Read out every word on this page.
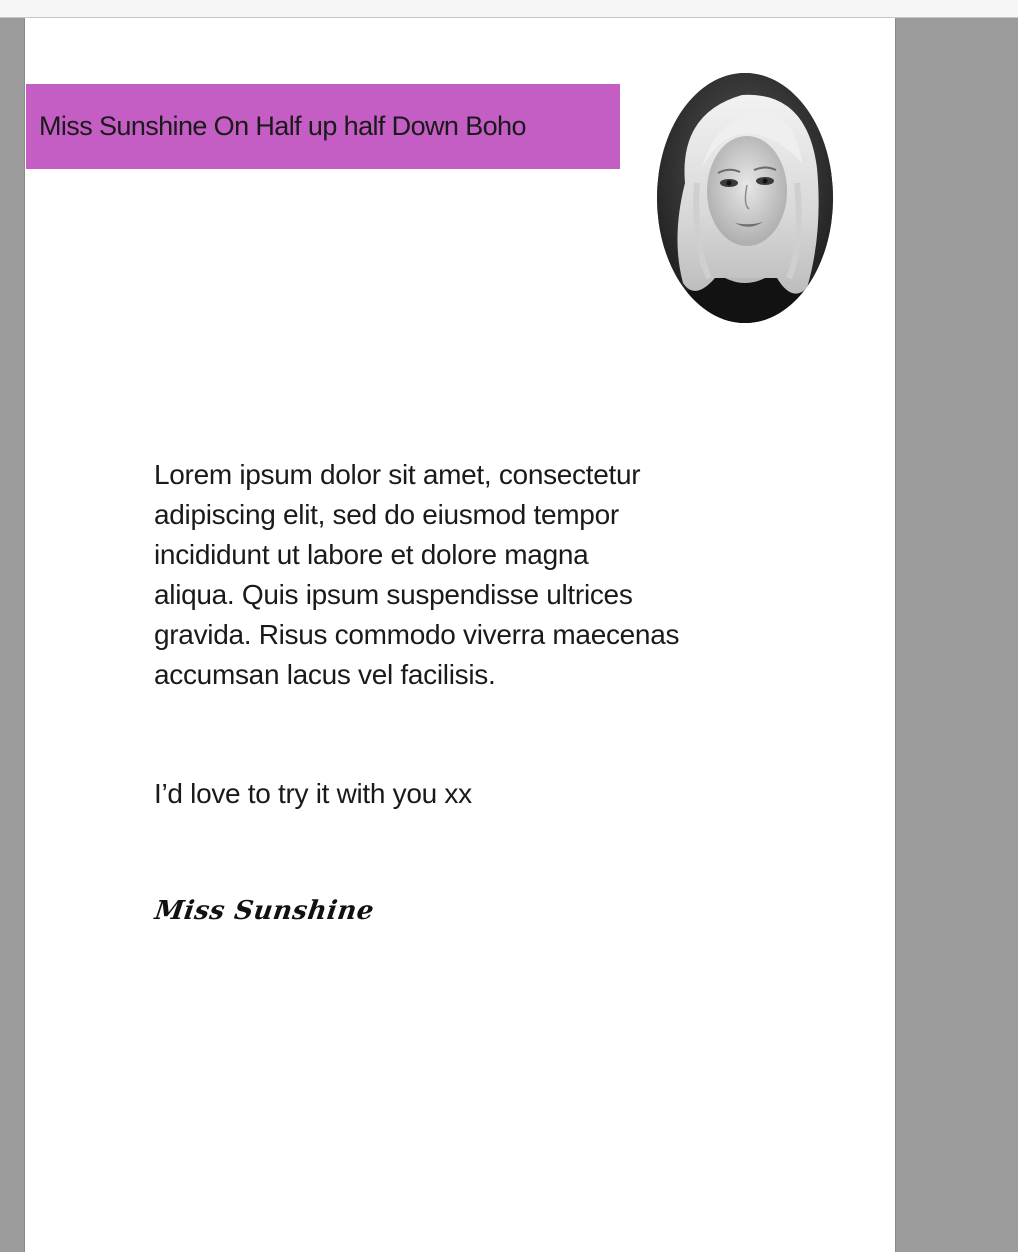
Miss Sunshine On Half up half Down Boho
Lorem ipsum dolor sit amet, consectetur
adipiscing elit, sed do eiusmod tempor
incididunt ut labore et dolore magna
aliqua. Quis ipsum suspendisse ultrices
gravida. Risus commodo viverra maecenas
accumsan lacus vel facilisis.
I’d love to try it with you xx
Miss Sunshine
